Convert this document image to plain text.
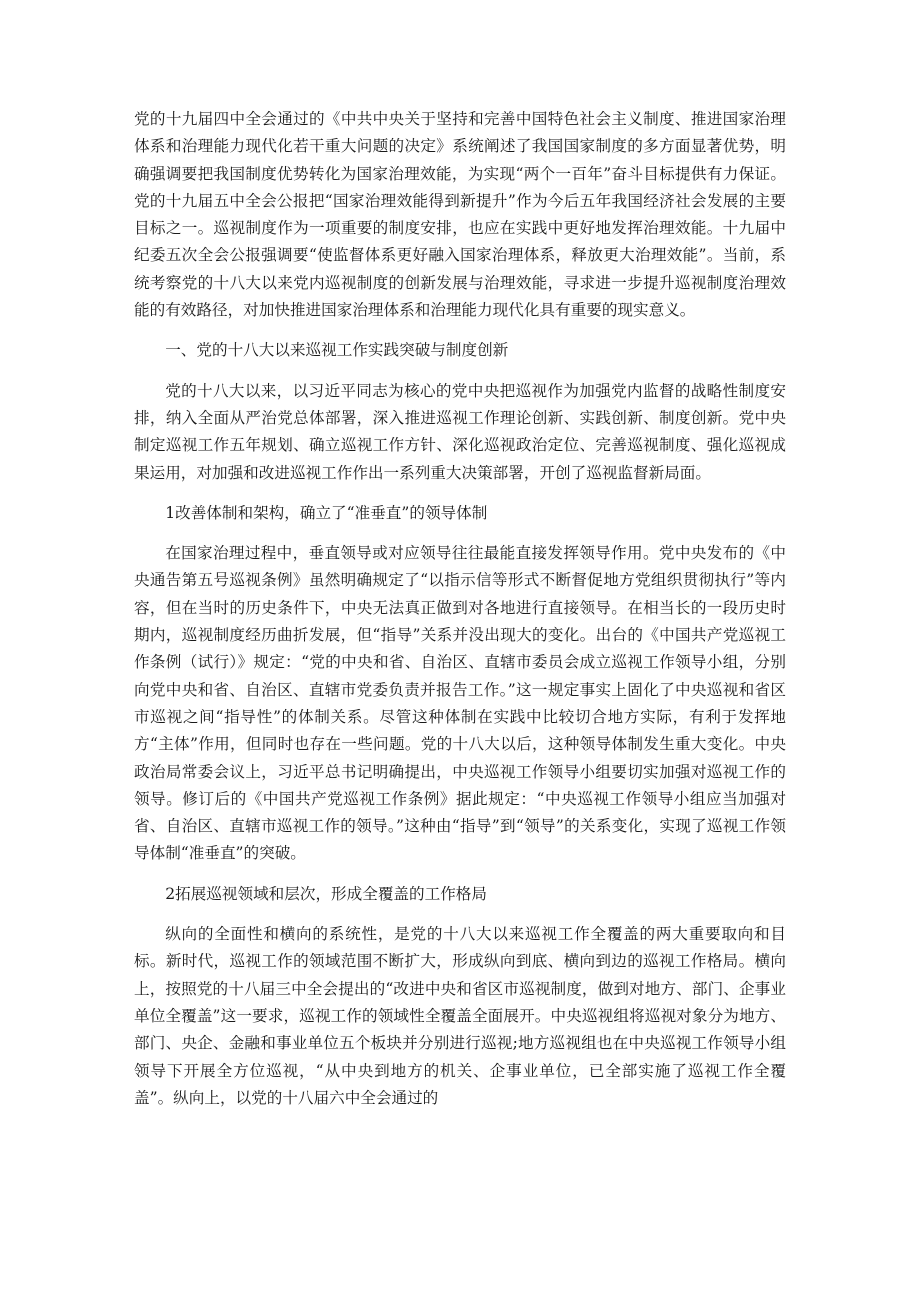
党的十九届四中全会通过的《中共中央关于坚持和完善中国特色社会主义制度、推进国家治理体系和治理能力现代化若干重大问题的决定》系统阐述了我国国家制度的多方面显著优势，明确强调要把我国制度优势转化为国家治理效能，为实现“两个一百年”奋斗目标提供有力保证。党的十九届五中全会公报把“国家治理效能得到新提升”作为今后五年我国经济社会发展的主要目标之一。巡视制度作为一项重要的制度安排，也应在实践中更好地发挥治理效能。十九届中纪委五次全会公报强调要“使监督体系更好融入国家治理体系，释放更大治理效能”。当前，系统考察党的十八大以来党内巡视制度的创新发展与治理效能，寻求进一步提升巡视制度治理效能的有效路径，对加快推进国家治理体系和治理能力现代化具有重要的现实意义。

一、党的十八大以来巡视工作实践突破与制度创新

党的十八大以来，以习近平同志为核心的党中央把巡视作为加强党内监督的战略性制度安排，纳入全面从严治党总体部署，深入推进巡视工作理论创新、实践创新、制度创新。党中央制定巡视工作五年规划、确立巡视工作方针、深化巡视政治定位、完善巡视制度、强化巡视成果运用，对加强和改进巡视工作作出一系列重大决策部署，开创了巡视监督新局面。

1改善体制和架构，确立了“准垂直”的领导体制

在国家治理过程中，垂直领导或对应领导往往最能直接发挥领导作用。党中央发布的《中央通告第五号巡视条例》虽然明确规定了“以指示信等形式不断督促地方党组织贯彻执行”等内容，但在当时的历史条件下，中央无法真正做到对各地进行直接领导。在相当长的一段历史时期内，巡视制度经历曲折发展，但“指导”关系并没出现大的变化。出台的《中国共产党巡视工作条例（试行）》规定：“党的中央和省、自治区、直辖市委员会成立巡视工作领导小组，分别向党中央和省、自治区、直辖市党委负责并报告工作。”这一规定事实上固化了中央巡视和省区市巡视之间“指导性”的体制关系。尽管这种体制在实践中比较切合地方实际，有利于发挥地方“主体”作用，但同时也存在一些问题。党的十八大以后，这种领导体制发生重大变化。中央政治局常委会议上，习近平总书记明确提出，中央巡视工作领导小组要切实加强对巡视工作的领导。修订后的《中国共产党巡视工作条例》据此规定：“中央巡视工作领导小组应当加强对省、自治区、直辖市巡视工作的领导。”这种由“指导”到“领导”的关系变化，实现了巡视工作领导体制“准垂直”的突破。

2拓展巡视领域和层次，形成全覆盖的工作格局

纵向的全面性和横向的系统性，是党的十八大以来巡视工作全覆盖的两大重要取向和目标。新时代，巡视工作的领域范围不断扩大，形成纵向到底、横向到边的巡视工作格局。横向上，按照党的十八届三中全会提出的“改进中央和省区市巡视制度，做到对地方、部门、企事业单位全覆盖”这一要求，巡视工作的领域性全覆盖全面展开。中央巡视组将巡视对象分为地方、部门、央企、金融和事业单位五个板块并分别进行巡视;地方巡视组也在中央巡视工作领导小组领导下开展全方位巡视，“从中央到地方的机关、企事业单位，已全部实施了巡视工作全覆盖”。纵向上，以党的十八届六中全会通过的
